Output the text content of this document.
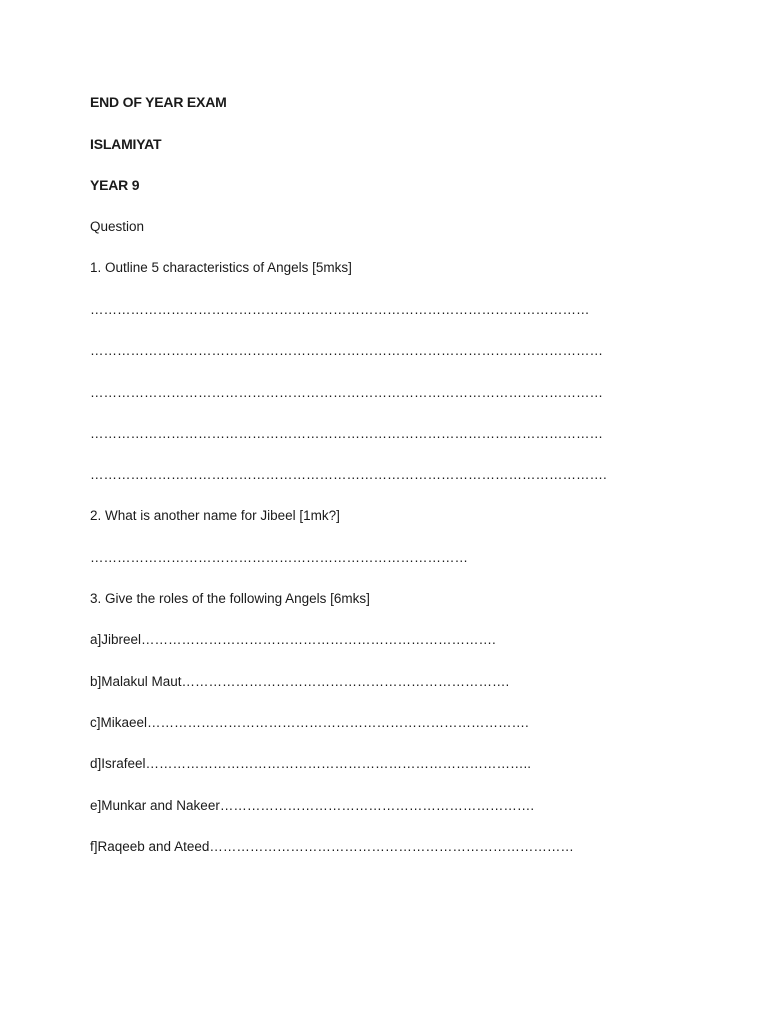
END OF YEAR EXAM
ISLAMIYAT
YEAR 9
Question
1. Outline 5 characteristics of Angels [5mks]
…………………………………………………………………………………………………
……………………………………………………………………………………………………
……………………………………………………………………………………………………
……………………………………………………………………………………………………
…………………………………………………………………………………………………….
2. What is another name for Jibeel [1mk?]
…………………………………………………………………………
3. Give the roles of the following Angels [6mks]
a]Jibreel…………………………………………………………………….
b]Malakul Maut……………………………………………………………….
c]Mikaeel………………………………………………………………………….
d]Israfeel…………………………………………………………………………..
e]Munkar and Nakeer…………………………………………………………….
f]Raqeeb and Ateed………………………………………………………………………
